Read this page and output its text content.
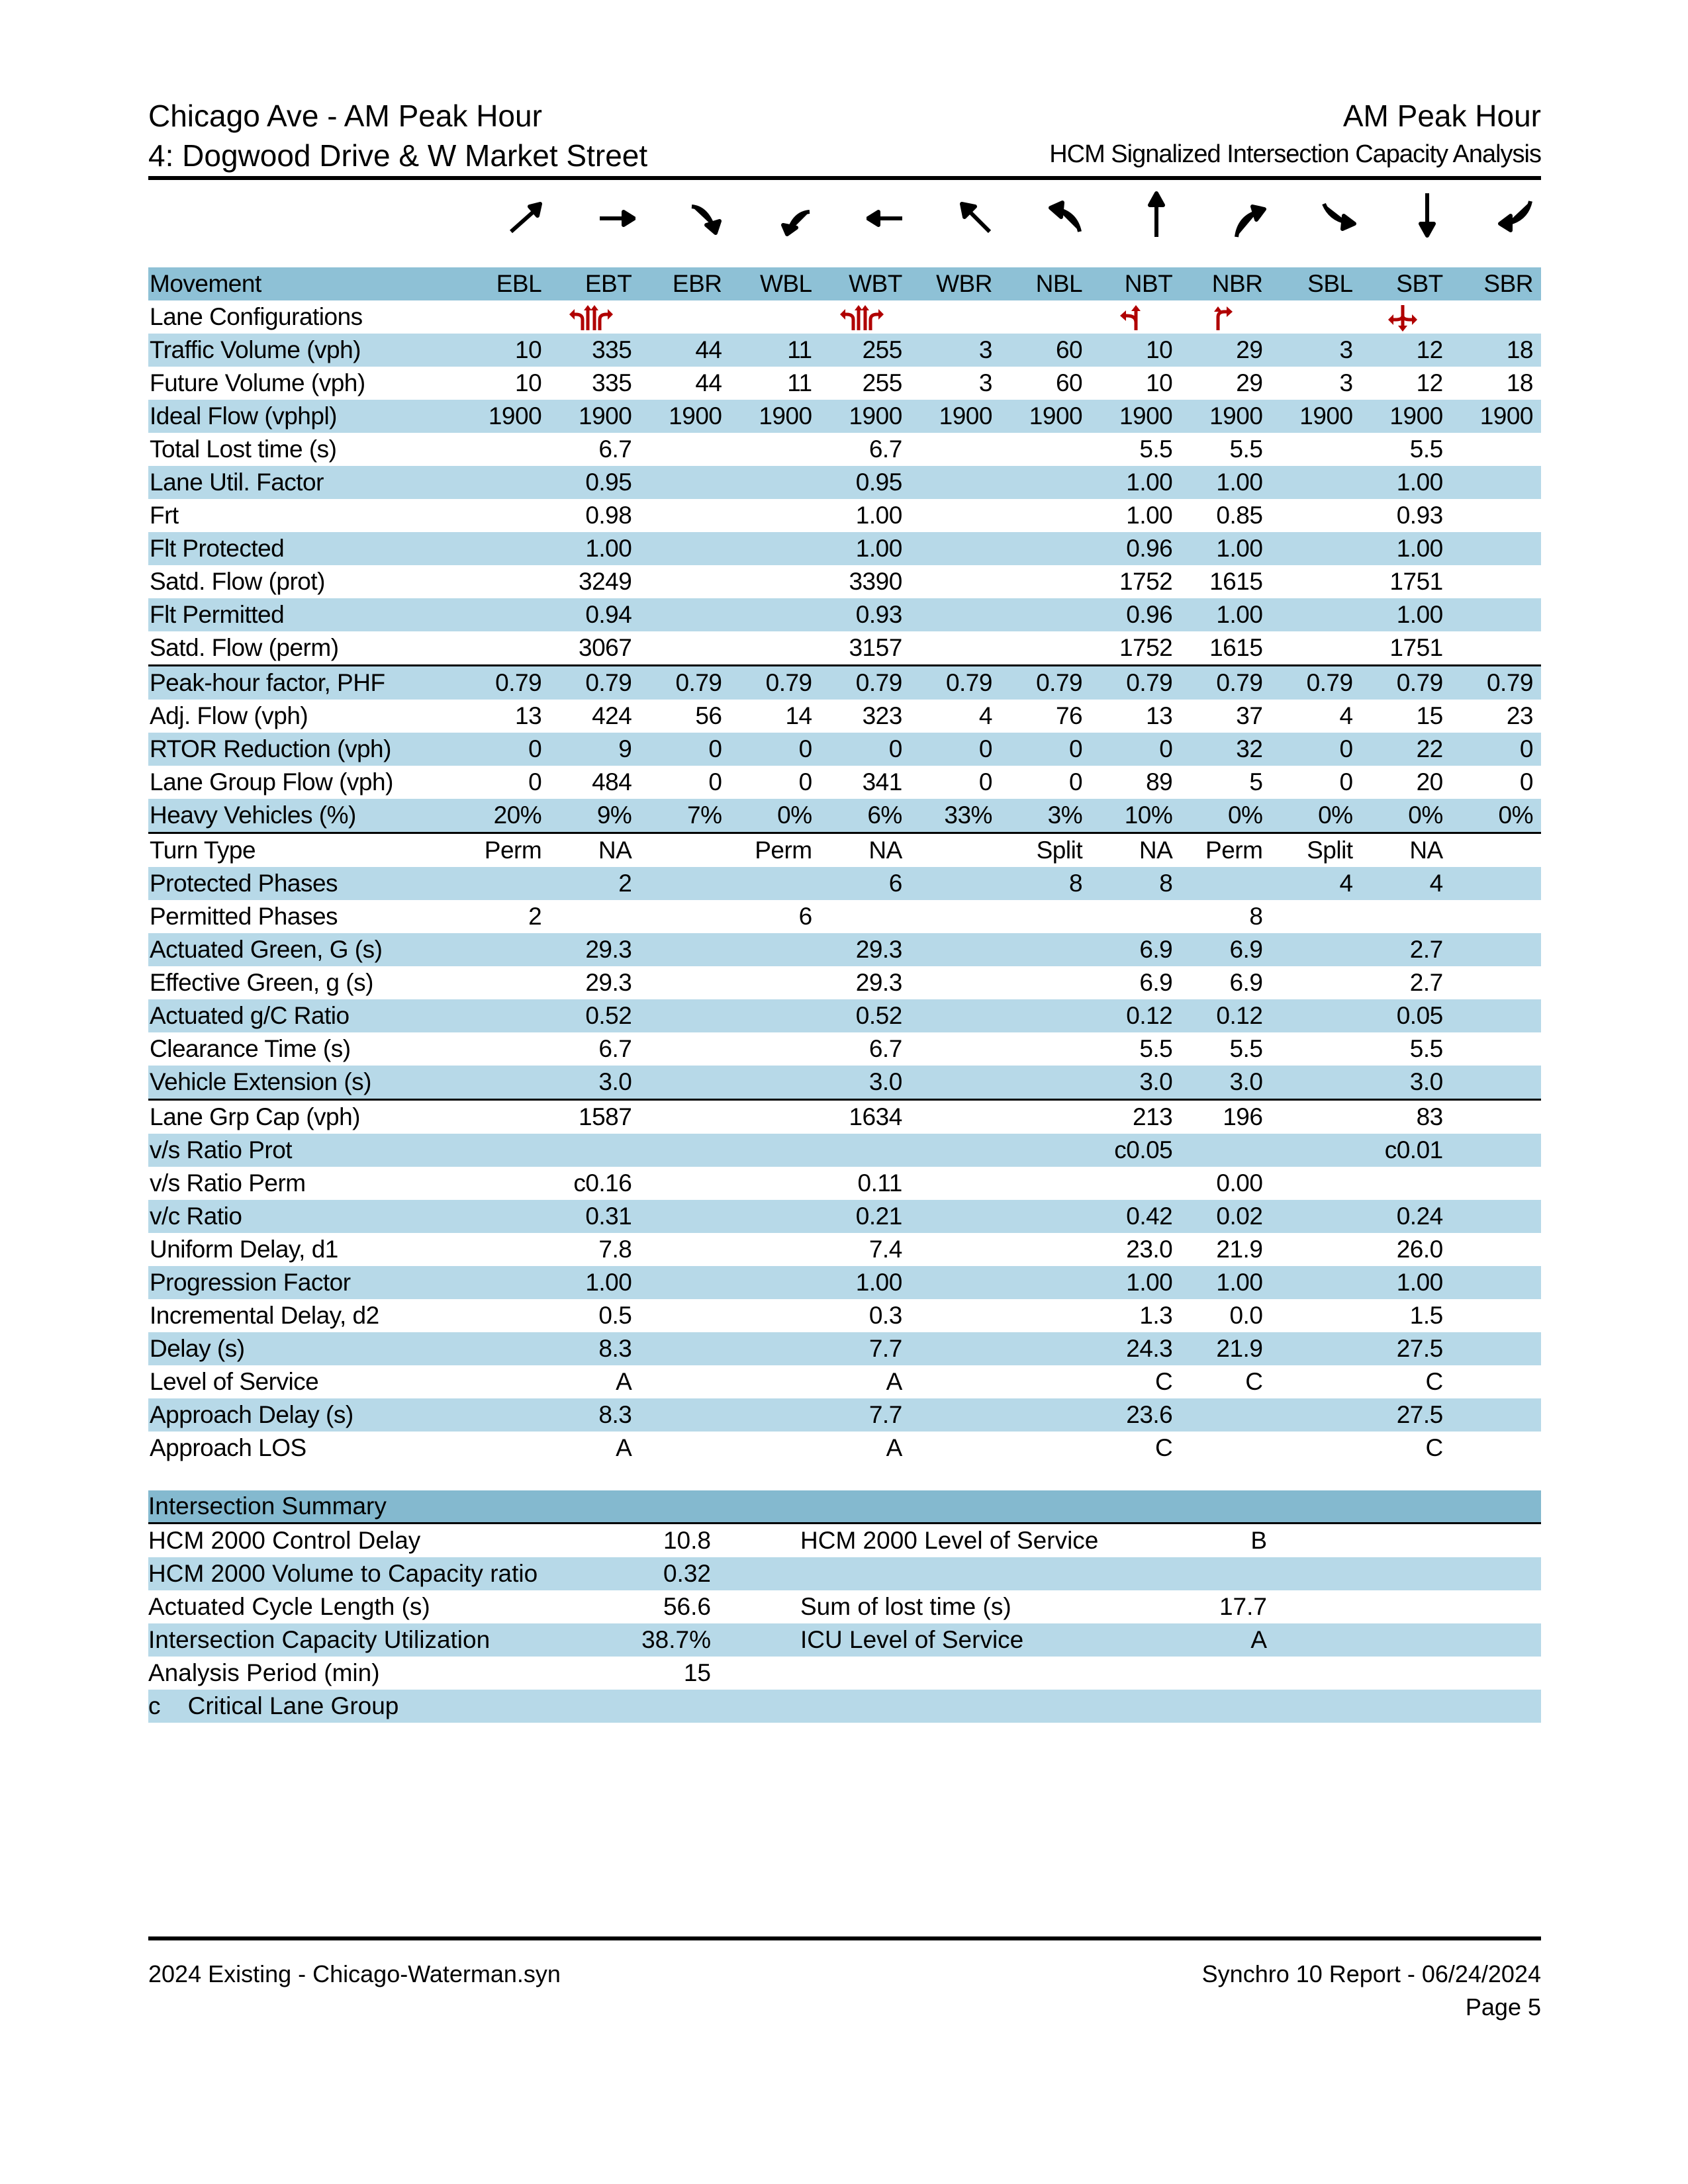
Chicago Ave - AM Peak Hour
4: Dogwood Drive & W Market Street
AM Peak Hour
HCM Signalized Intersection Capacity Analysis
Movement	EBL	EBT	EBR	WBL	WBT	WBR	NBL	NBT	NBR	SBL	SBT	SBR
Lane Configurations												
Traffic Volume (vph)	10	335	44	11	255	3	60	10	29	3	12	18
Future Volume (vph)	10	335	44	11	255	3	60	10	29	3	12	18
Ideal Flow (vphpl)	1900	1900	1900	1900	1900	1900	1900	1900	1900	1900	1900	1900
Total Lost time (s)		6.7			6.7			5.5	5.5		5.5	
Lane Util. Factor		0.95			0.95			1.00	1.00		1.00	
Frt		0.98			1.00			1.00	0.85		0.93	
Flt Protected		1.00			1.00			0.96	1.00		1.00	
Satd. Flow (prot)		3249			3390			1752	1615		1751	
Flt Permitted		0.94			0.93			0.96	1.00		1.00	
Satd. Flow (perm)		3067			3157			1752	1615		1751	
Peak-hour factor, PHF	0.79	0.79	0.79	0.79	0.79	0.79	0.79	0.79	0.79	0.79	0.79	0.79
Adj. Flow (vph)	13	424	56	14	323	4	76	13	37	4	15	23
RTOR Reduction (vph)	0	9	0	0	0	0	0	0	32	0	22	0
Lane Group Flow (vph)	0	484	0	0	341	0	0	89	5	0	20	0
Heavy Vehicles (%)	20%	9%	7%	0%	6%	33%	3%	10%	0%	0%	0%	0%
Turn Type	Perm	NA		Perm	NA		Split	NA	Perm	Split	NA	
Protected Phases		2			6		8	8		4	4	
Permitted Phases	2			6					8			
Actuated Green, G (s)		29.3			29.3			6.9	6.9		2.7	
Effective Green, g (s)		29.3			29.3			6.9	6.9		2.7	
Actuated g/C Ratio		0.52			0.52			0.12	0.12		0.05	
Clearance Time (s)		6.7			6.7			5.5	5.5		5.5	
Vehicle Extension (s)		3.0			3.0			3.0	3.0		3.0	
Lane Grp Cap (vph)		1587			1634			213	196		83	
v/s Ratio Prot								c0.05			c0.01	
v/s Ratio Perm		c0.16			0.11				0.00			
v/c Ratio		0.31			0.21			0.42	0.02		0.24	
Uniform Delay, d1		7.8			7.4			23.0	21.9		26.0	
Progression Factor		1.00			1.00			1.00	1.00		1.00	
Incremental Delay, d2		0.5			0.3			1.3	0.0		1.5	
Delay (s)		8.3			7.7			24.3	21.9		27.5	
Level of Service		A			A			C	C		C	
Approach Delay (s)		8.3			7.7			23.6			27.5	
Approach LOS		A			A			C			C	
Intersection Summary
HCM 2000 Control Delay	10.8	HCM 2000 Level of Service	B
HCM 2000 Volume to Capacity ratio	0.32
Actuated Cycle Length (s)	56.6	Sum of lost time (s)	17.7
Intersection Capacity Utilization	38.7%	ICU Level of Service	A
Analysis Period (min)	15
c    Critical Lane Group
2024 Existing - Chicago-Waterman.syn	Synchro 10 Report - 06/24/2024
Page 5
